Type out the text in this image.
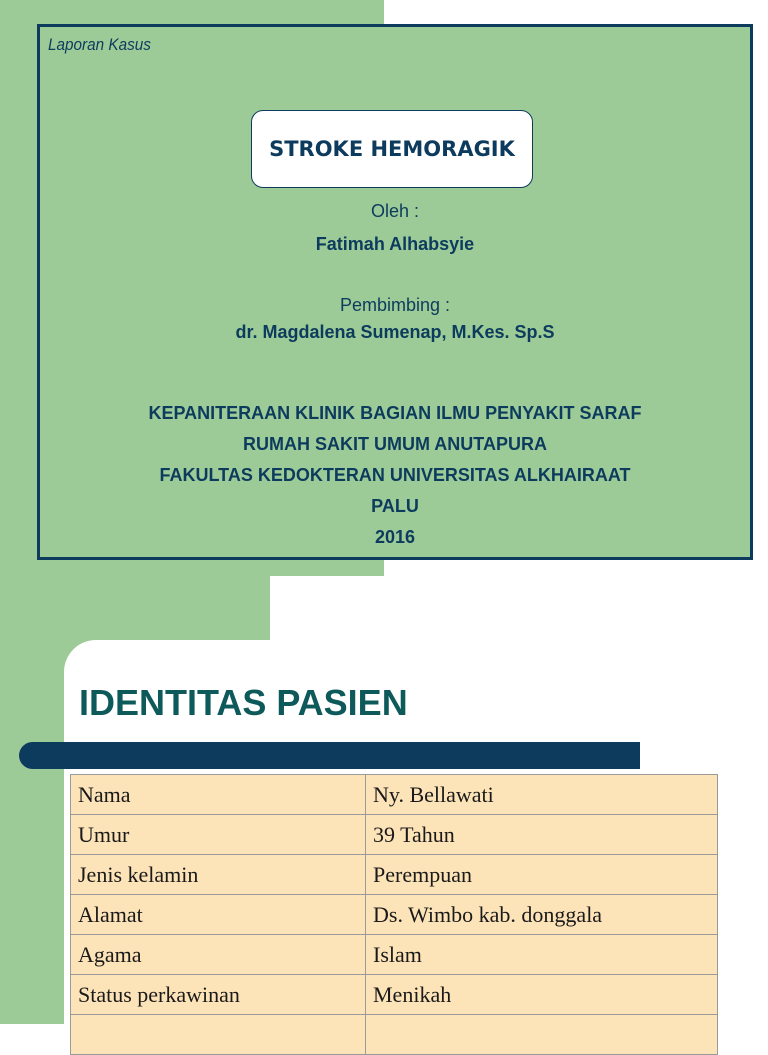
Laporan Kasus
STROKE HEMORAGIK
Oleh :
Fatimah Alhabsyie
Pembimbing :
dr. Magdalena Sumenap, M.Kes. Sp.S
KEPANITERAAN KLINIK BAGIAN ILMU PENYAKIT SARAF
RUMAH SAKIT UMUM ANUTAPURA
FAKULTAS KEDOKTERAN UNIVERSITAS ALKHAIRAAT
PALU
2016
IDENTITAS PASIEN
Nama	Ny. Bellawati
Umur	39 Tahun
Jenis kelamin	Perempuan
Alamat	Ds. Wimbo kab. donggala
Agama	Islam
Status perkawinan	Menikah
